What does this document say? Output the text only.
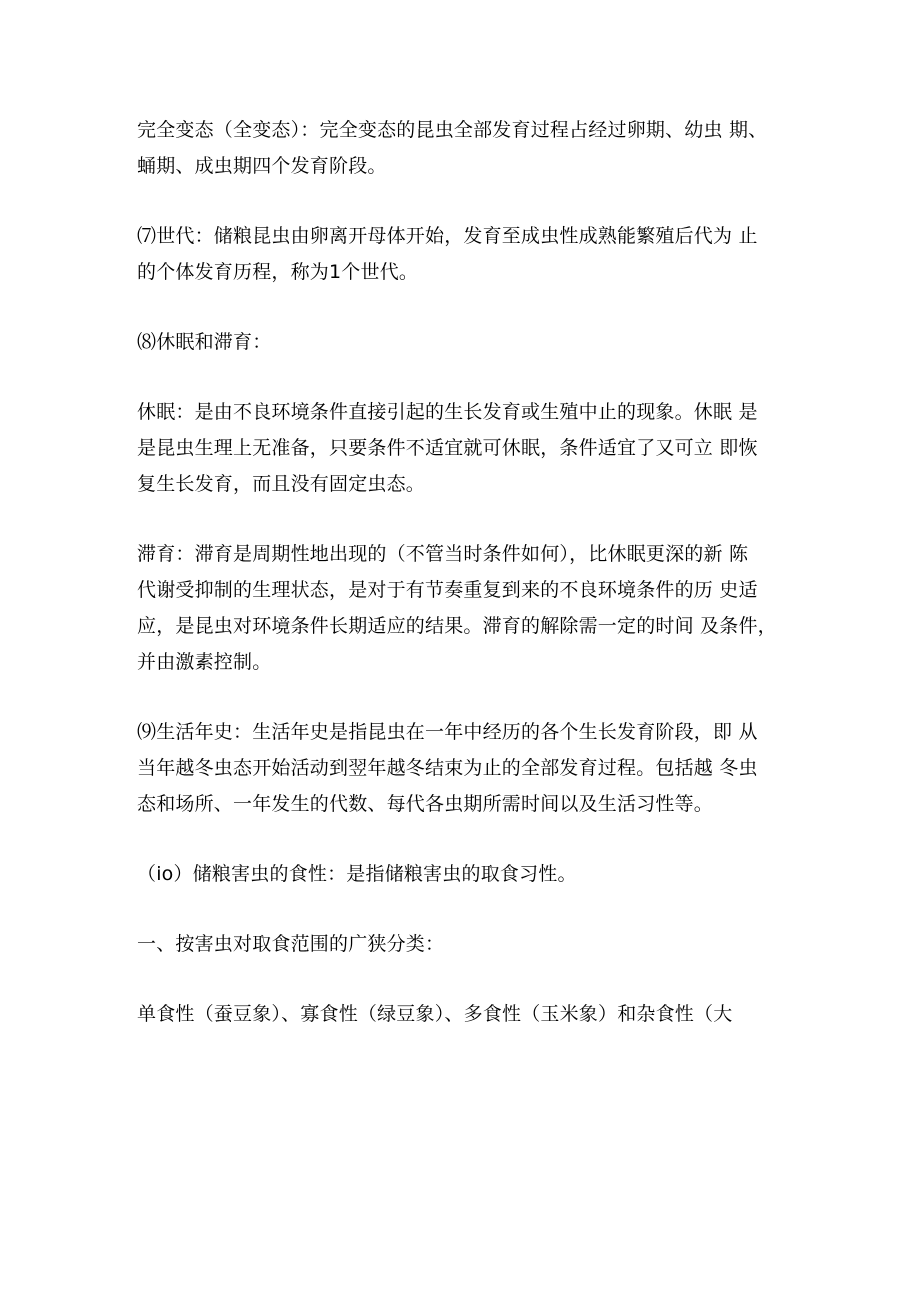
完全变态（全变态）：完全变态的昆虫全部发育过程占经过卵期、幼虫 期、
蛹期、成虫期四个发育阶段。

⑺世代：储粮昆虫由卵离开母体开始，发育至成虫性成熟能繁殖后代为 止
的个体发育历程，称为1个世代。

⑻休眠和滞育：

休眠：是由不良环境条件直接引起的生长发育或生殖中止的现象。休眠 是
是昆虫生理上无准备，只要条件不适宜就可休眠，条件适宜了又可立 即恢
复生长发育，而且没有固定虫态。

滞育：滞育是周期性地出现的（不管当时条件如何），比休眠更深的新 陈
代谢受抑制的生理状态，是对于有节奏重复到来的不良环境条件的历 史适
应，是昆虫对环境条件长期适应的结果。滞育的解除需一定的时间 及条件，
并由激素控制。

⑼生活年史：生活年史是指昆虫在一年中经历的各个生长发育阶段，即 从
当年越冬虫态开始活动到翌年越冬结束为止的全部发育过程。包括越 冬虫
态和场所、一年发生的代数、每代各虫期所需时间以及生活习性等。

（io）储粮害虫的食性：是指储粮害虫的取食习性。

一、按害虫对取食范围的广狭分类：

单食性（蚕豆象）、寡食性（绿豆象）、多食性（玉米象）和杂食性（大
